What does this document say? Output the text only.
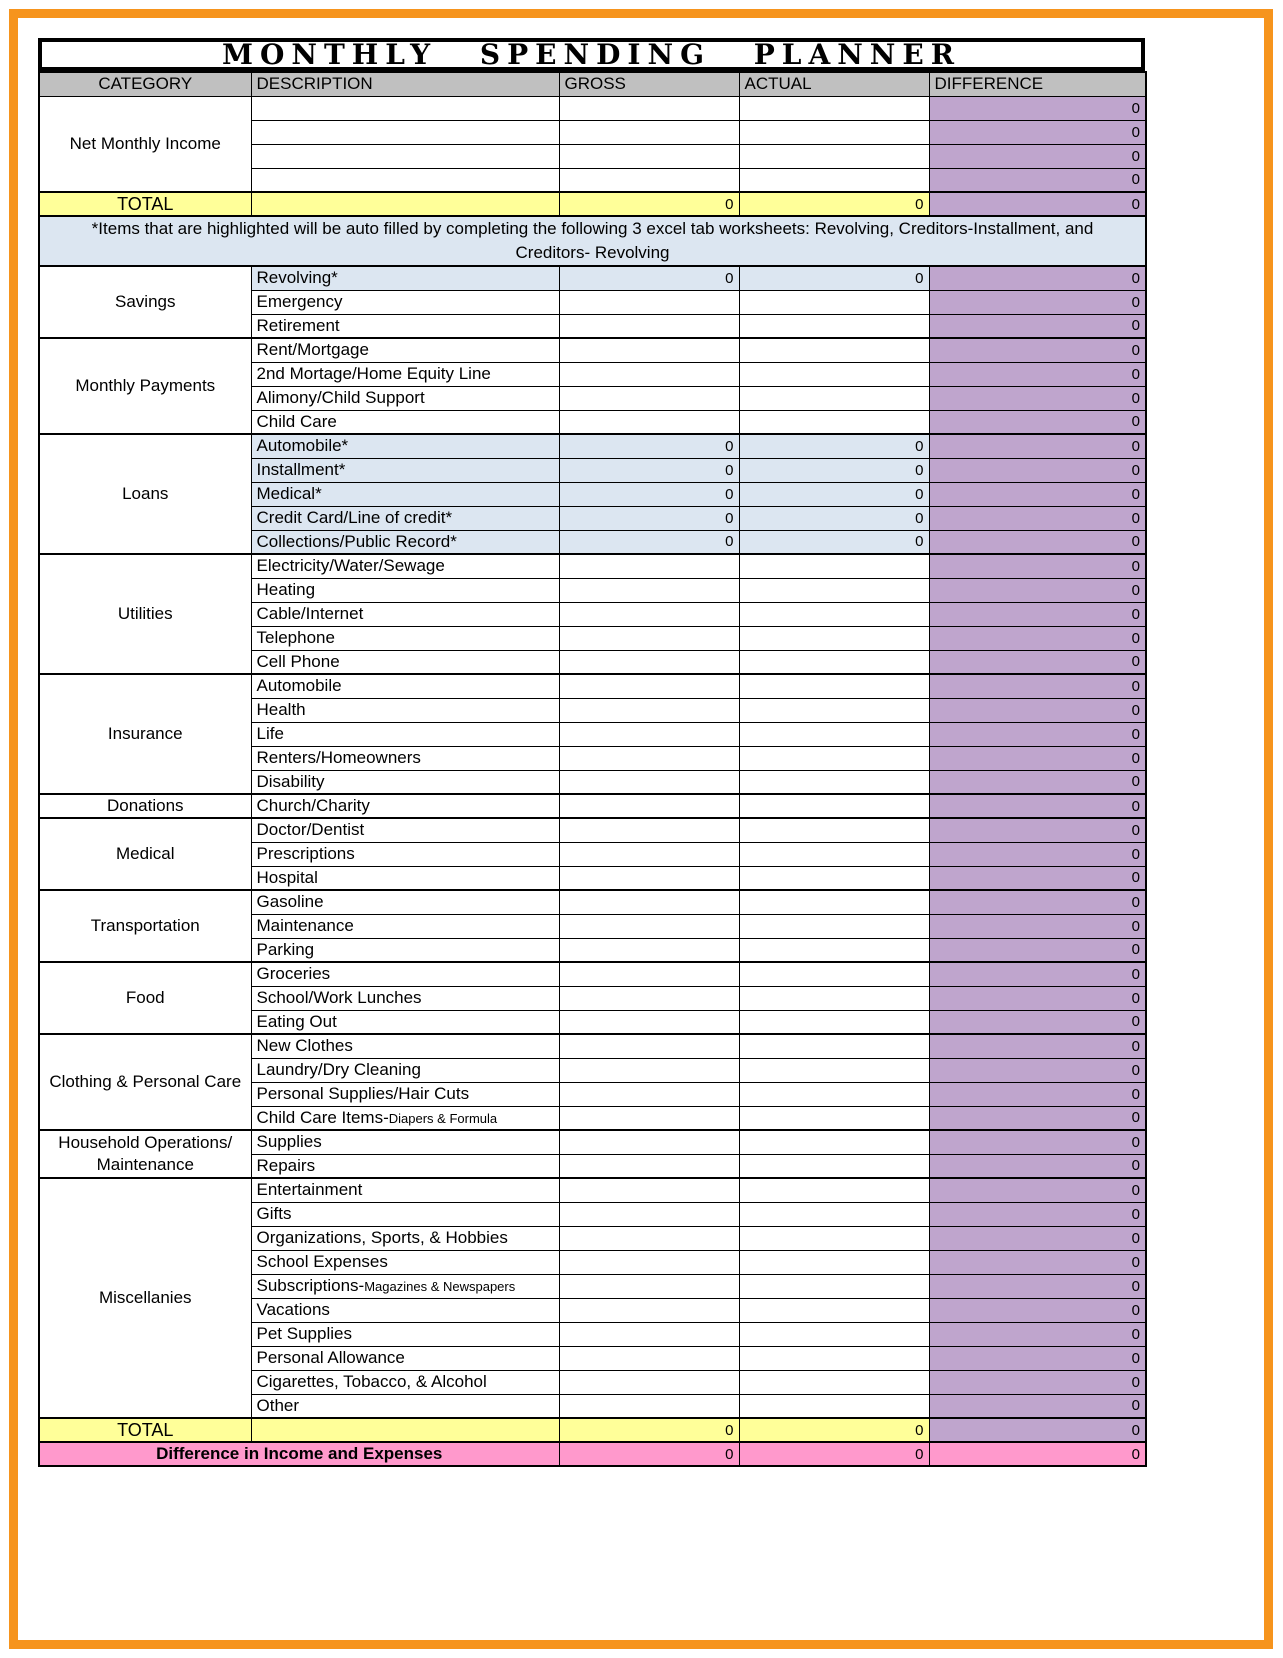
MONTHLY SPENDING PLANNER
CATEGORY	DESCRIPTION	GROSS	ACTUAL	DIFFERENCE
Net Monthly Income				0
				0
				0
				0
TOTAL		0	0	0
*Items that are highlighted will be auto filled by completing the following 3 excel tab worksheets: Revolving, Creditors-Installment, and Creditors- Revolving				
Savings	Revolving*	0	0	0
	Emergency			0
	Retirement			0
Monthly Payments	Rent/Mortgage			0
	2nd Mortage/Home Equity Line			0
	Alimony/Child Support			0
	Child Care			0
Loans	Automobile*	0	0	0
	Installment*	0	0	0
	Medical*	0	0	0
	Credit Card/Line of credit*	0	0	0
	Collections/Public Record*	0	0	0
Utilities	Electricity/Water/Sewage			0
	Heating			0
	Cable/Internet			0
	Telephone			0
	Cell Phone			0
Insurance	Automobile			0
	Health			0
	Life			0
	Renters/Homeowners			0
	Disability			0
Donations	Church/Charity			0
Medical	Doctor/Dentist			0
	Prescriptions			0
	Hospital			0
Transportation	Gasoline			0
	Maintenance			0
	Parking			0
Food	Groceries			0
	School/Work Lunches			0
	Eating Out			0
Clothing & Personal Care	New Clothes			0
	Laundry/Dry Cleaning			0
	Personal Supplies/Hair Cuts			0
	Child Care Items-Diapers & Formula			0
Household Operations/ Maintenance	Supplies			0
	Repairs			0
Miscellanies	Entertainment			0
	Gifts			0
	Organizations, Sports, & Hobbies			0
	School Expenses			0
	Subscriptions-Magazines & Newspapers			0
	Vacations			0
	Pet Supplies			0
	Personal Allowance			0
	Cigarettes, Tobacco, & Alcohol			0
	Other			0
TOTAL		0	0	0
Difference in Income and Expenses		0	0	0
